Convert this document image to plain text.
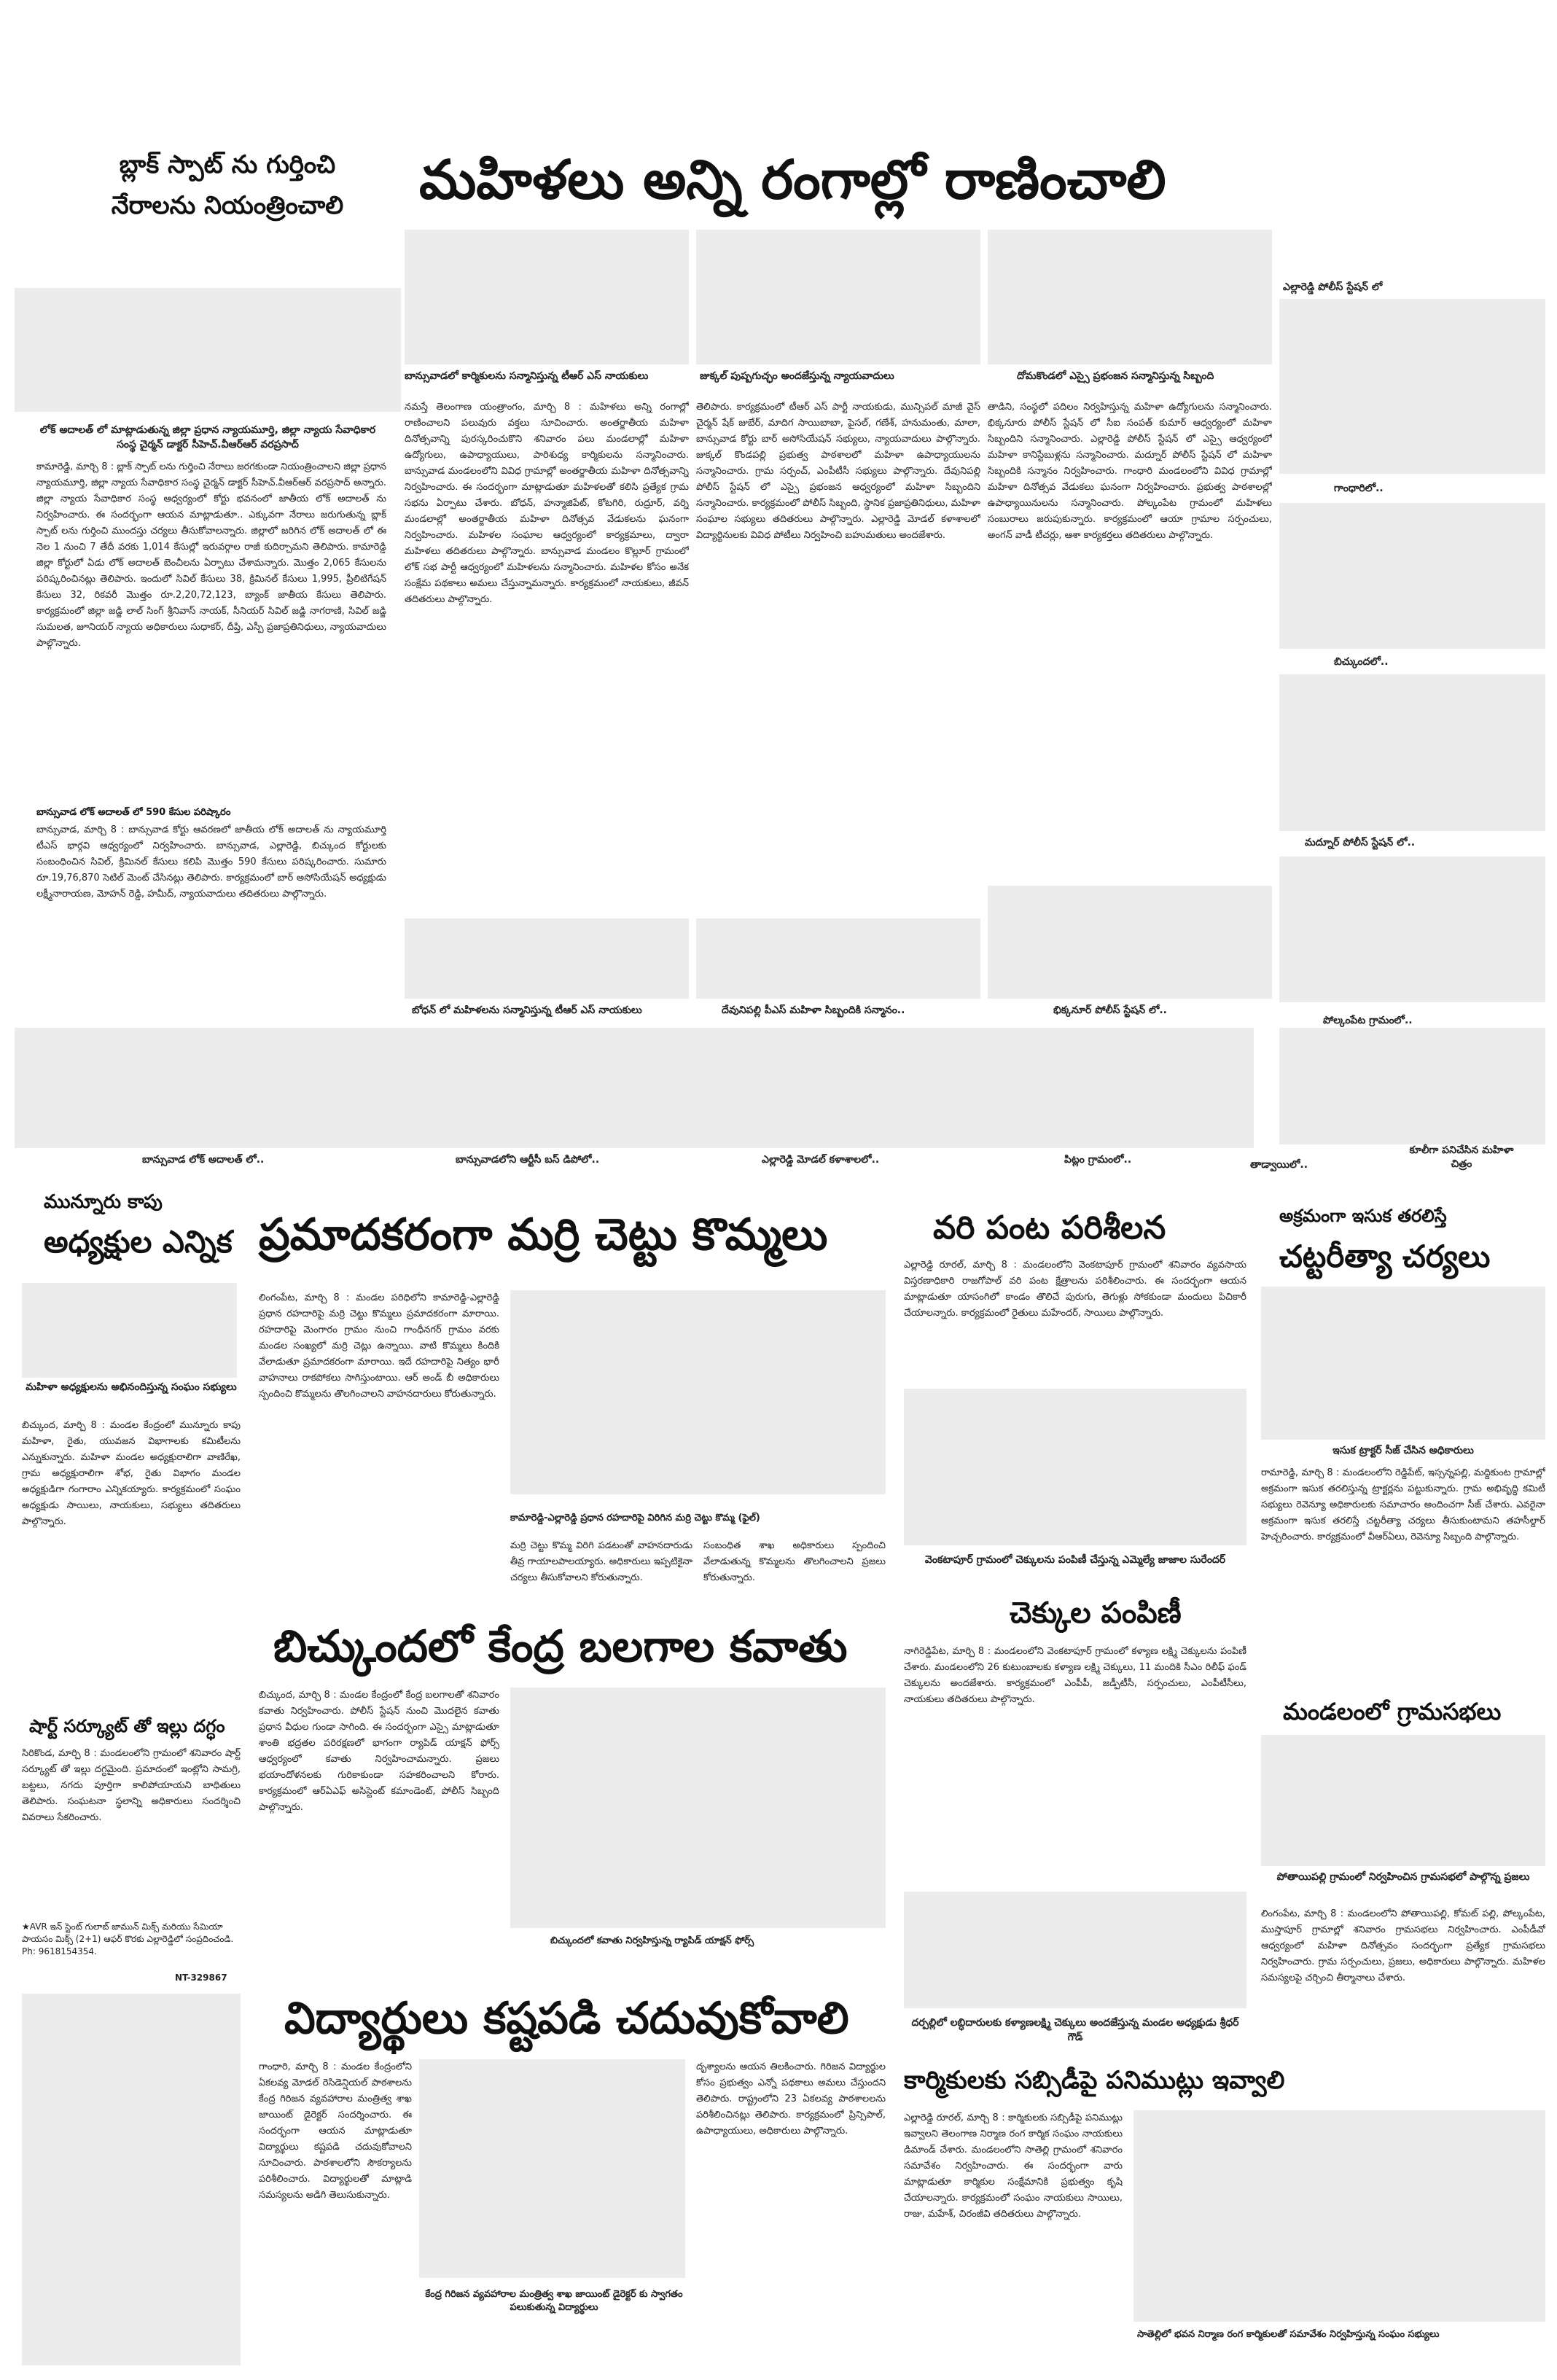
బ్లాక్ స్పాట్ ను గుర్తించి నేరాలను నియంత్రించాలి	మహిళలు అన్ని రంగాల్లో రాణించాలి
ఎల్లారెడ్డి పోలీస్ స్టేషన్ లో
బాన్సువాడలో కార్మికులను సన్మానిస్తున్న టీఆర్ ఎస్ నాయకులు	జుక్కల్ పుష్పగుచ్ఛం అందజేస్తున్న న్యాయవాదులు	దోమకొండలో ఎస్సై ప్రభంజన సన్మానిస్తున్న సిబ్బంది
లోక్ అదాలత్ లో మాట్లాడుతున్న జిల్లా ప్రధాన న్యాయమూర్తి, జిల్లా న్యాయ సేవాధికార సంస్థ చైర్మన్ డాక్టర్ సీహెచ్.వీఆర్ఆర్ వరప్రసాద్
కామారెడ్డి, మార్చి 8 : బ్లాక్ స్పాట్ లను గుర్తించి నేరాలు జరగకుండా నియంత్రించాలని జిల్లా ప్రధాన న్యాయమూర్తి, జిల్లా న్యాయ సేవాధికార సంస్థ చైర్మన్ డాక్టర్ సీహెచ్.వీఆర్ఆర్ వరప్రసాద్ అన్నారు. జిల్లా న్యాయ సేవాధికార సంస్థ ఆధ్వర్యంలో కోర్టు భవనంలో జాతీయ లోక్ అదాలత్ ను నిర్వహించారు. ఈ సందర్భంగా ఆయన మాట్లాడుతూ.. ఎక్కువగా నేరాలు జరుగుతున్న బ్లాక్ స్పాట్ లను గుర్తించి ముందస్తు చర్యలు తీసుకోవాలన్నారు. జిల్లాలో జరిగిన లోక్ అదాలత్ లో ఈ నెల 1 నుంచి 7 తేదీ వరకు 1,014 కేసుల్లో ఇరువర్గాల రాజీ కుదిర్చామని తెలిపారు. కామారెడ్డి జిల్లా కోర్టులో ఏడు లోక్ అదాలత్ బెంచీలను ఏర్పాటు చేశామన్నారు. మొత్తం 2,065 కేసులను పరిష్కరించినట్లు తెలిపారు. ఇందులో సివిల్ కేసులు 38, క్రిమినల్ కేసులు 1,995, ప్రీలిటిగేషన్ కేసులు 32, రికవరీ మొత్తం రూ.2,20,72,123, బ్యాంక్ జాతీయ కేసులు తెలిపారు. కార్యక్రమంలో జిల్లా జడ్జి లాల్ సింగ్ శ్రీనివాస్ నాయక్, సీనియర్ సివిల్ జడ్జి నాగరాణి, సివిల్ జడ్జి సుమలత, జూనియర్ న్యాయ అధికారులు సుధాకర్, దీప్తి, ఎస్పీ ప్రజాప్రతినిధులు, న్యాయవాదులు పాల్గొన్నారు.
బాన్సువాడ లోక్ అదాలత్ లో 590 కేసుల పరిష్కారం
బాన్సువాడ, మార్చి 8 : బాన్సువాడ కోర్టు ఆవరణలో జాతీయ లోక్ అదాలత్ ను న్యాయమూర్తి టీఎస్ భార్గవి ఆధ్వర్యంలో నిర్వహించారు. బాన్సువాడ, ఎల్లారెడ్డి, బిచ్కుంద కోర్టులకు సంబంధించిన సివిల్, క్రిమినల్ కేసులు కలిపి మొత్తం 590 కేసులు పరిష్కరించారు. సుమారు రూ.19,76,870 సెటిల్ మెంట్ చేసినట్లు తెలిపారు. కార్యక్రమంలో బార్ అసోసియేషన్ అధ్యక్షుడు లక్ష్మీనారాయణ, మోహన్ రెడ్డి, హమీద్, న్యాయవాదులు తదితరులు పాల్గొన్నారు.
నమస్తే తెలంగాణ యంత్రాంగం, మార్చి 8 : మహిళలు అన్ని రంగాల్లో రాణించాలని పలువురు వక్తలు సూచించారు. అంతర్జాతీయ మహిళా దినోత్సవాన్ని పురస్కరించుకొని శనివారం పలు మండలాల్లో మహిళా ఉద్యోగులు, ఉపాధ్యాయులు, పారిశుధ్య కార్మికులను సన్మానించారు. బాన్సువాడ మండలంలోని వివిధ గ్రామాల్లో అంతర్జాతీయ మహిళా దినోత్సవాన్ని నిర్వహించారు. ఈ సందర్భంగా మాట్లాడుతూ మహిళలతో కలిసి ప్రత్యేక గ్రామ సభను ఏర్పాటు చేశారు. బోధన్, హన్మాజిపేట్, కోటగిరి, రుద్రూర్, వర్ని మండలాల్లో అంతర్జాతీయ మహిళా దినోత్సవ వేడుకలను ఘనంగా నిర్వహించారు. మహిళల సంఘాల ఆధ్వర్యంలో కార్యక్రమాలు, ద్వారా మహిళలు తదితరులు పాల్గొన్నారు. బాన్సువాడ మండలం కొల్లూర్ గ్రామంలో లోక్ సభ పార్టీ ఆధ్వర్యంలో మహిళలను సన్మానించారు. మహిళల కోసం అనేక సంక్షేమ పథకాలు అమలు చేస్తున్నామన్నారు. కార్యక్రమంలో నాయకులు, జీవన్ తదితరులు పాల్గొన్నారు.
తెలిపారు. కార్యక్రమంలో టీఆర్ ఎస్ పార్టీ నాయకుడు, మున్సిపల్ మాజీ వైస్ చైర్మన్ షేక్ జుబేర్, మాదిగ సాయిబాబా, పైసల్, గణేశ్, హనుమంతు, మాలా, బాన్సువాడ కోర్టు బార్ అసోసియేషన్ సభ్యులు, న్యాయవాదులు పాల్గొన్నారు. జుక్కల్ కొండపల్లి ప్రభుత్వ పాఠశాలలో మహిళా ఉపాధ్యాయులను సన్మానించారు. గ్రామ సర్పంచ్, ఎంపీటీసీ సభ్యులు పాల్గొన్నారు. దేవునిపల్లి పోలీస్ స్టేషన్ లో ఎస్సై ప్రభంజన ఆధ్వర్యంలో మహిళా సిబ్బందిని సన్మానించారు. కార్యక్రమంలో పోలీస్ సిబ్బంది, స్థానిక ప్రజాప్రతినిధులు, మహిళా సంఘాల సభ్యులు తదితరులు పాల్గొన్నారు. ఎల్లారెడ్డి మోడల్ కళాశాలలో విద్యార్థినులకు వివిధ పోటీలు నిర్వహించి బహుమతులు అందజేశారు.
తాడిని, సంస్థలో పదిలం నిర్వహిస్తున్న మహిళా ఉద్యోగులను సన్మానించారు. భిక్కనూరు పోలీస్ స్టేషన్ లో సీఐ సంపత్ కుమార్ ఆధ్వర్యంలో మహిళా సిబ్బందిని సన్మానించారు. ఎల్లారెడ్డి పోలీస్ స్టేషన్ లో ఎస్సై ఆధ్వర్యంలో మహిళా కానిస్టేబుళ్లను సన్మానించారు. మద్నూర్ పోలీస్ స్టేషన్ లో మహిళా సిబ్బందికి సన్మానం నిర్వహించారు. గాంధారి మండలంలోని వివిధ గ్రామాల్లో మహిళా దినోత్సవ వేడుకలు ఘనంగా నిర్వహించారు. ప్రభుత్వ పాఠశాలల్లో ఉపాధ్యాయినులను సన్మానించారు. పోల్కంపేట గ్రామంలో మహిళలు సంబురాలు జరుపుకున్నారు. కార్యక్రమంలో ఆయా గ్రామాల సర్పంచులు, అంగన్ వాడీ టీచర్లు, ఆశా కార్యకర్తలు తదితరులు పాల్గొన్నారు.
గాంధారిలో..
బిచ్కుందలో..
మద్నూర్ పోలీస్ స్టేషన్ లో..
బోధన్ లో మహిళలను సన్మానిస్తున్న టీఆర్ ఎస్ నాయకులు	దేవునిపల్లి పీఎస్ మహిళా సిబ్బందికి సన్మానం..	భిక్కనూర్ పోలీస్ స్టేషన్ లో..
పోల్కంపేట గ్రామంలో..
బాన్సువాడ లోక్ అదాలత్ లో..	బాన్సువాడలోని ఆర్టీసీ బస్ డిపోలో..	ఎల్లారెడ్డి మోడల్ కళాశాలలో..	పిట్లం గ్రామంలో..	తాడ్వాయిలో..
కూలీగా పనిచేసిన మహిళా చిత్రం
మున్నూరు కాపు
అధ్యక్షుల ఎన్నిక
మహిళా అధ్యక్షులను అభినందిస్తున్న సంఘం సభ్యులు
బిచ్కుంద, మార్చి 8 : మండల కేంద్రంలో మున్నూరు కాపు మహిళా, రైతు, యువజన విభాగాలకు కమిటీలను ఎన్నుకున్నారు. మహిళా మండల అధ్యక్షురాలిగా వాణిరేఖ, గ్రామ అధ్యక్షురాలిగా శోభ, రైతు విభాగం మండల అధ్యక్షుడిగా గంగారాం ఎన్నికయ్యారు. కార్యక్రమంలో సంఘం అధ్యక్షుడు సాయిలు, నాయకులు, సభ్యులు తదితరులు పాల్గొన్నారు.
షార్ట్ సర్క్యూట్ తో ఇల్లు దగ్ధం
సిరికొండ, మార్చి 8 : మండలంలోని గ్రామంలో శనివారం షార్ట్ సర్క్యూట్ తో ఇల్లు దగ్ధమైంది. ప్రమాదంలో ఇంట్లోని సామగ్రి, బట్టలు, నగదు పూర్తిగా కాలిపోయాయని బాధితులు తెలిపారు. సంఘటనా స్థలాన్ని అధికారులు సందర్శించి వివరాలు సేకరించారు.
★AVR ఇన్ స్టెంట్ గులాబ్ జామున్ మిక్స్ మరియు సేమియా పాయసం మిక్స్ (2+1) ఆఫర్ కొరకు ఎల్లారెడ్డిలో సంప్రదించండి. Ph: 9618154354.
NT-329867
ప్రమాదకరంగా మర్రి చెట్టు కొమ్మలు
లింగంపేట, మార్చి 8 : మండల పరిధిలోని కామారెడ్డి-ఎల్లారెడ్డి ప్రధాన రహదారిపై మర్రి చెట్టు కొమ్మలు ప్రమాదకరంగా మారాయి. రహదారిపై మెంగారం గ్రామం నుంచి గాంధీనగర్ గ్రామం వరకు మండల సంఖ్యలో మర్రి చెట్లు ఉన్నాయి. వాటి కొమ్మలు కిందికి వేలాడుతూ ప్రమాదకరంగా మారాయి. ఇదే రహదారిపై నిత్యం భారీ వాహనాలు రాకపోకలు సాగిస్తుంటాయి. ఆర్ అండ్ బీ అధికారులు స్పందించి కొమ్మలను తొలగించాలని వాహనదారులు కోరుతున్నారు.
కామారెడ్డి-ఎల్లారెడ్డి ప్రధాన రహదారిపై విరిగిన మర్రి చెట్టు కొమ్మ (ఫైల్)
మర్రి చెట్టు కొమ్మ విరిగి పడటంతో వాహనదారుడు తీవ్ర గాయాలపాలయ్యారు. అధికారులు ఇప్పటికైనా చర్యలు తీసుకోవాలని కోరుతున్నారు.
సంబంధిత శాఖ అధికారులు స్పందించి వేలాడుతున్న కొమ్మలను తొలగించాలని ప్రజలు కోరుతున్నారు.
బిచ్కుందలో కేంద్ర బలగాల కవాతు
బిచ్కుంద, మార్చి 8 : మండల కేంద్రంలో కేంద్ర బలగాలతో శనివారం కవాతు నిర్వహించారు. పోలీస్ స్టేషన్ నుంచి మొదలైన కవాతు ప్రధాన వీధుల గుండా సాగింది. ఈ సందర్భంగా ఎస్సై మాట్లాడుతూ శాంతి భద్రతల పరిరక్షణలో భాగంగా ర్యాపిడ్ యాక్షన్ ఫోర్స్ ఆధ్వర్యంలో కవాతు నిర్వహించామన్నారు. ప్రజలు భయాందోళనలకు గురికాకుండా సహకరించాలని కోరారు. కార్యక్రమంలో ఆర్ఏఎఫ్ అసిస్టెంట్ కమాండెంట్, పోలీస్ సిబ్బంది పాల్గొన్నారు.
బిచ్కుందలో కవాతు నిర్వహిస్తున్న ర్యాపిడ్ యాక్షన్ ఫోర్స్
విద్యార్థులు కష్టపడి చదువుకోవాలి
గాంధారి, మార్చి 8 : మండల కేంద్రంలోని ఏకలవ్య మోడల్ రెసిడెన్షియల్ పాఠశాలను కేంద్ర గిరిజన వ్యవహారాల మంత్రిత్వ శాఖ జాయింట్ డైరెక్టర్ సందర్శించారు. ఈ సందర్భంగా ఆయన మాట్లాడుతూ విద్యార్థులు కష్టపడి చదువుకోవాలని సూచించారు. పాఠశాలలోని సౌకర్యాలను పరిశీలించారు. విద్యార్థులతో మాట్లాడి సమస్యలను అడిగి తెలుసుకున్నారు.
కేంద్ర గిరిజన వ్యవహారాల మంత్రిత్వ శాఖ జాయింట్ డైరెక్టర్ కు స్వాగతం పలుకుతున్న విద్యార్థులు
దృశ్యాలను ఆయన తిలకించారు. గిరిజన విద్యార్థుల కోసం ప్రభుత్వం ఎన్నో పథకాలు అమలు చేస్తుందని తెలిపారు. రాష్ట్రంలోని 23 ఏకలవ్య పాఠశాలలను పరిశీలించినట్లు తెలిపారు. కార్యక్రమంలో ప్రిన్సిపాల్, ఉపాధ్యాయులు, అధికారులు పాల్గొన్నారు.
వరి పంట పరిశీలన
ఎల్లారెడ్డి రూరల్, మార్చి 8 : మండలంలోని వెంకటాపూర్ గ్రామంలో శనివారం వ్యవసాయ విస్తరణాధికారి రాజగోపాల్ వరి పంట క్షేత్రాలను పరిశీలించారు. ఈ సందర్భంగా ఆయన మాట్లాడుతూ యాసంగిలో కాండం తొలిచే పురుగు, తెగుళ్లు సోకకుండా మందులు పిచికారీ చేయాలన్నారు. కార్యక్రమంలో రైతులు మహేందర్, సాయిలు పాల్గొన్నారు.
అక్రమంగా ఇసుక తరలిస్తే
చట్టరీత్యా చర్యలు
ఇసుక ట్రాక్టర్ సీజ్ చేసిన అధికారులు
రామారెడ్డి, మార్చి 8 : మండలంలోని రెడ్డిపేట్, ఇస్సన్నపల్లి, మద్దికుంట గ్రామాల్లో అక్రమంగా ఇసుక తరలిస్తున్న ట్రాక్టర్లను పట్టుకున్నారు. గ్రామ అభివృద్ధి కమిటీ సభ్యులు రెవెన్యూ అధికారులకు సమాచారం అందించగా సీజ్ చేశారు. ఎవరైనా అక్రమంగా ఇసుక తరలిస్తే చట్టరీత్యా చర్యలు తీసుకుంటామని తహసీల్దార్ హెచ్చరించారు. కార్యక్రమంలో వీఆర్ఏలు, రెవెన్యూ సిబ్బంది పాల్గొన్నారు.
మండలంలో గ్రామసభలు
పోతాయిపల్లి గ్రామంలో నిర్వహించిన గ్రామసభలో పాల్గొన్న ప్రజలు
లింగంపేట, మార్చి 8 : మండలంలోని పోతాయిపల్లి, కోమట్ పల్లి, పోల్కంపేట, ముస్తాపూర్ గ్రామాల్లో శనివారం గ్రామసభలు నిర్వహించారు. ఎంపీడీవో ఆధ్వర్యంలో మహిళా దినోత్సవం సందర్భంగా ప్రత్యేక గ్రామసభలు నిర్వహించారు. గ్రామ సర్పంచులు, ప్రజలు, అధికారులు పాల్గొన్నారు. మహిళల సమస్యలపై చర్చించి తీర్మానాలు చేశారు.
వెంకటాపూర్ గ్రామంలో చెక్కులను పంపిణీ చేస్తున్న ఎమ్మెల్యే జాజాల సురేందర్
చెక్కుల పంపిణీ
నాగిరెడ్డిపేట, మార్చి 8 : మండలంలోని వెంకటాపూర్ గ్రామంలో కళ్యాణ లక్ష్మి చెక్కులను పంపిణీ చేశారు. మండలంలోని 26 కుటుంబాలకు కళ్యాణ లక్ష్మి చెక్కులు, 11 మందికి సీఎం రిలీఫ్ ఫండ్ చెక్కులను అందజేశారు. కార్యక్రమంలో ఎంపీపీ, జడ్పీటీసీ, సర్పంచులు, ఎంపీటీసీలు, నాయకులు తదితరులు పాల్గొన్నారు.
దర్పల్లిలో లబ్ధిదారులకు కళ్యాణలక్ష్మి చెక్కులు అందజేస్తున్న మండల అధ్యక్షుడు శ్రీధర్ గౌడ్
కార్మికులకు సబ్సిడీపై పనిముట్లు ఇవ్వాలి
ఎల్లారెడ్డి రూరల్, మార్చి 8 : కార్మికులకు సబ్సిడీపై పనిముట్లు ఇవ్వాలని తెలంగాణ నిర్మాణ రంగ కార్మిక సంఘం నాయకులు డిమాండ్ చేశారు. మండలంలోని సాతెల్లి గ్రామంలో శనివారం సమావేశం నిర్వహించారు. ఈ సందర్భంగా వారు మాట్లాడుతూ కార్మికుల సంక్షేమానికి ప్రభుత్వం కృషి చేయాలన్నారు. కార్యక్రమంలో సంఘం నాయకులు సాయిలు, రాజు, మహేశ్, చిరంజీవి తదితరులు పాల్గొన్నారు.
సాతెల్లిలో భవన నిర్మాణ రంగ కార్మికులతో సమావేశం నిర్వహిస్తున్న సంఘం సభ్యులు
